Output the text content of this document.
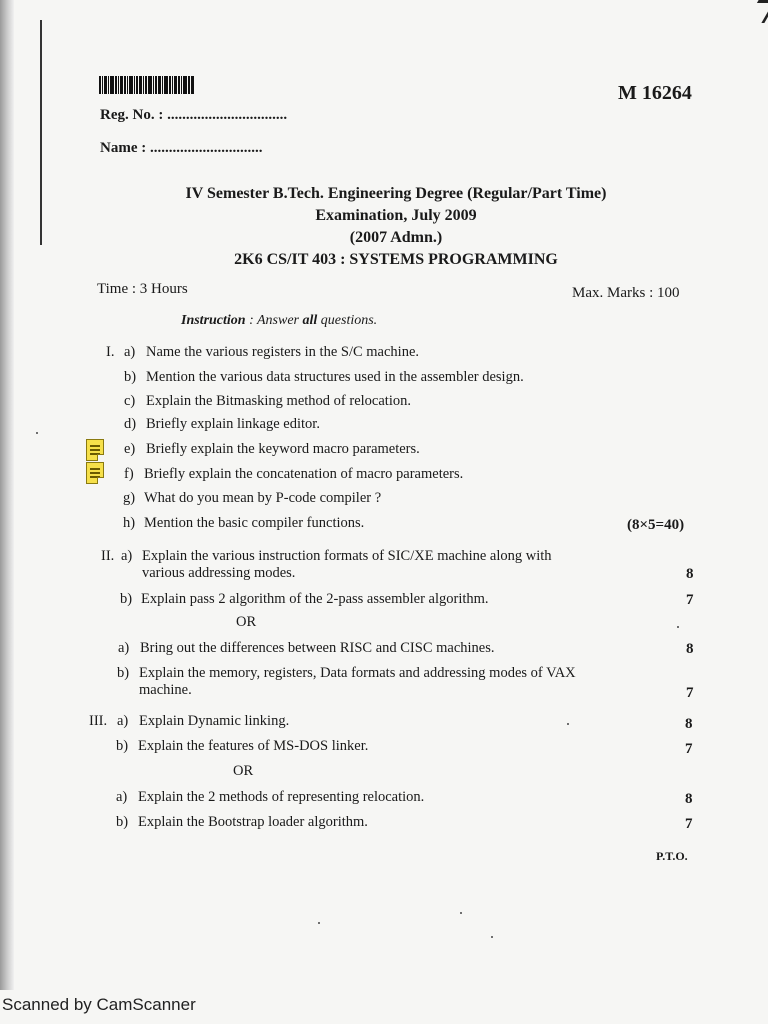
M 16264
Reg. No. : ................................
Name : ..............................
IV Semester B.Tech. Engineering Degree (Regular/Part Time)
Examination, July 2009
(2007 Admn.)
2K6 CS/IT 403 : SYSTEMS PROGRAMMING
Time : 3 Hours	Max. Marks : 100
Instruction : Answer all questions.
I. a) Name the various registers in the S/C machine.
b) Mention the various data structures used in the assembler design.
c) Explain the Bitmasking method of relocation.
d) Briefly explain linkage editor.
e) Briefly explain the keyword macro parameters.
f) Briefly explain the concatenation of macro parameters.
g) What do you mean by P-code compiler ?
h) Mention the basic compiler functions.	(8×5=40)
II. a) Explain the various instruction formats of SIC/XE machine along with
various addressing modes.	8
b) Explain pass 2 algorithm of the 2-pass assembler algorithm.	7
OR
a) Bring out the differences between RISC and CISC machines.	8
b) Explain the memory, registers, Data formats and addressing modes of VAX
machine.	7
III. a) Explain Dynamic linking.	8
b) Explain the features of MS-DOS linker.	7
OR
a) Explain the 2 methods of representing relocation.	8
b) Explain the Bootstrap loader algorithm.	7
P.T.O.
Scanned by CamScanner
